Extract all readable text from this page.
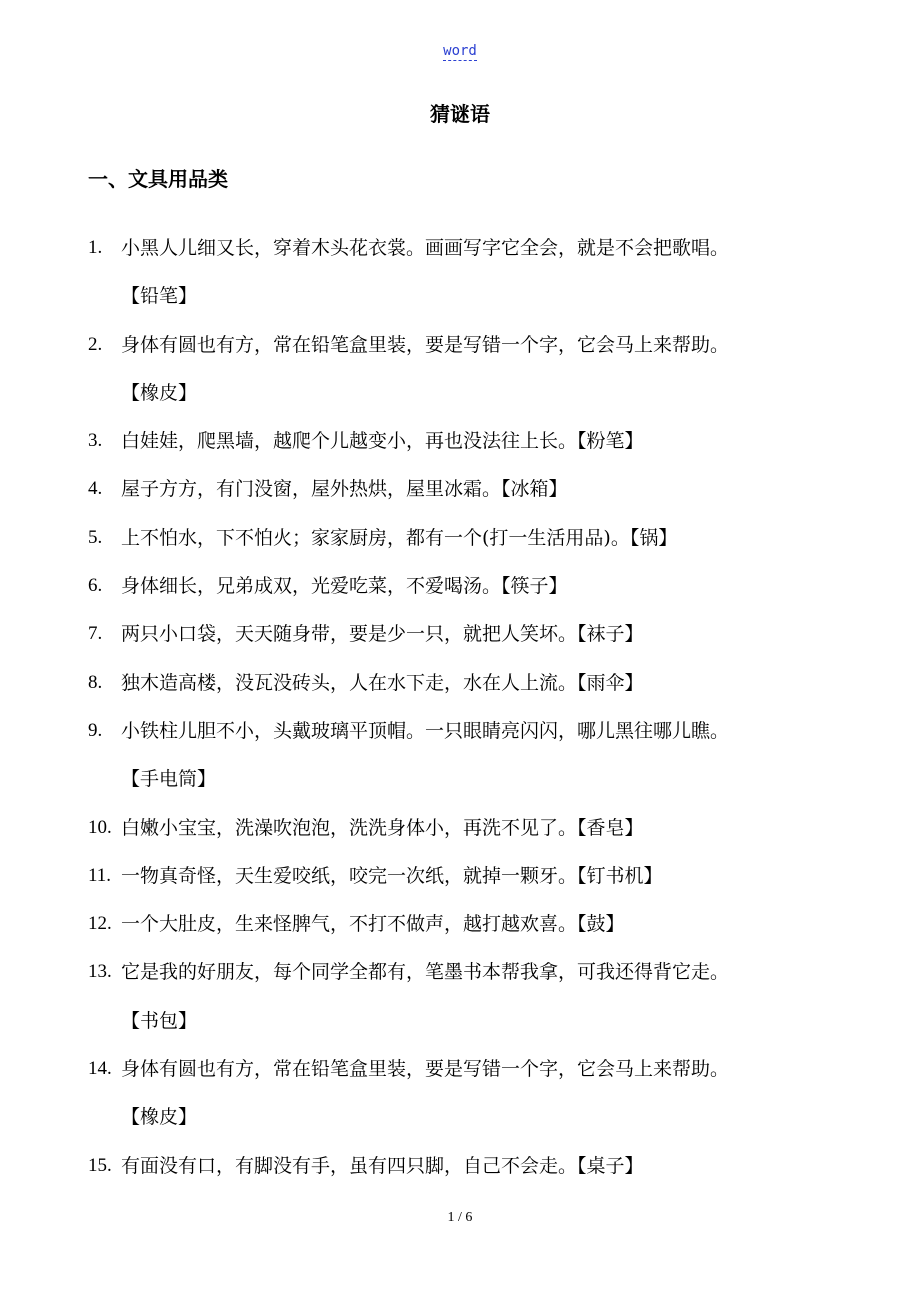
word
猜谜语
一、文具用品类
1. 小黑人儿细又长，穿着木头花衣裳。画画写字它全会，就是不会把歌唱。
【铅笔】
2. 身体有圆也有方，常在铅笔盒里装，要是写错一个字，它会马上来帮助。
【橡皮】
3. 白娃娃，爬黑墙，越爬个儿越变小，再也没法往上长。【粉笔】
4. 屋子方方，有门没窗，屋外热烘，屋里冰霜。【冰箱】
5. 上不怕水，下不怕火；家家厨房，都有一个(打一生活用品)。【锅】
6. 身体细长，兄弟成双，光爱吃菜，不爱喝汤。【筷子】
7. 两只小口袋，天天随身带，要是少一只，就把人笑坏。【袜子】
8. 独木造高楼，没瓦没砖头，人在水下走，水在人上流。【雨伞】
9. 小铁柱儿胆不小，头戴玻璃平顶帽。一只眼睛亮闪闪，哪儿黑往哪儿瞧。
【手电筒】
10. 白嫩小宝宝，洗澡吹泡泡，洗洗身体小，再洗不见了。【香皂】
11. 一物真奇怪，天生爱咬纸，咬完一次纸，就掉一颗牙。【钉书机】
12. 一个大肚皮，生来怪脾气，不打不做声，越打越欢喜。【鼓】
13. 它是我的好朋友，每个同学全都有，笔墨书本帮我拿，可我还得背它走。
【书包】
14. 身体有圆也有方，常在铅笔盒里装，要是写错一个字，它会马上来帮助。
【橡皮】
15. 有面没有口，有脚没有手，虽有四只脚，自己不会走。【桌子】
1 / 6
